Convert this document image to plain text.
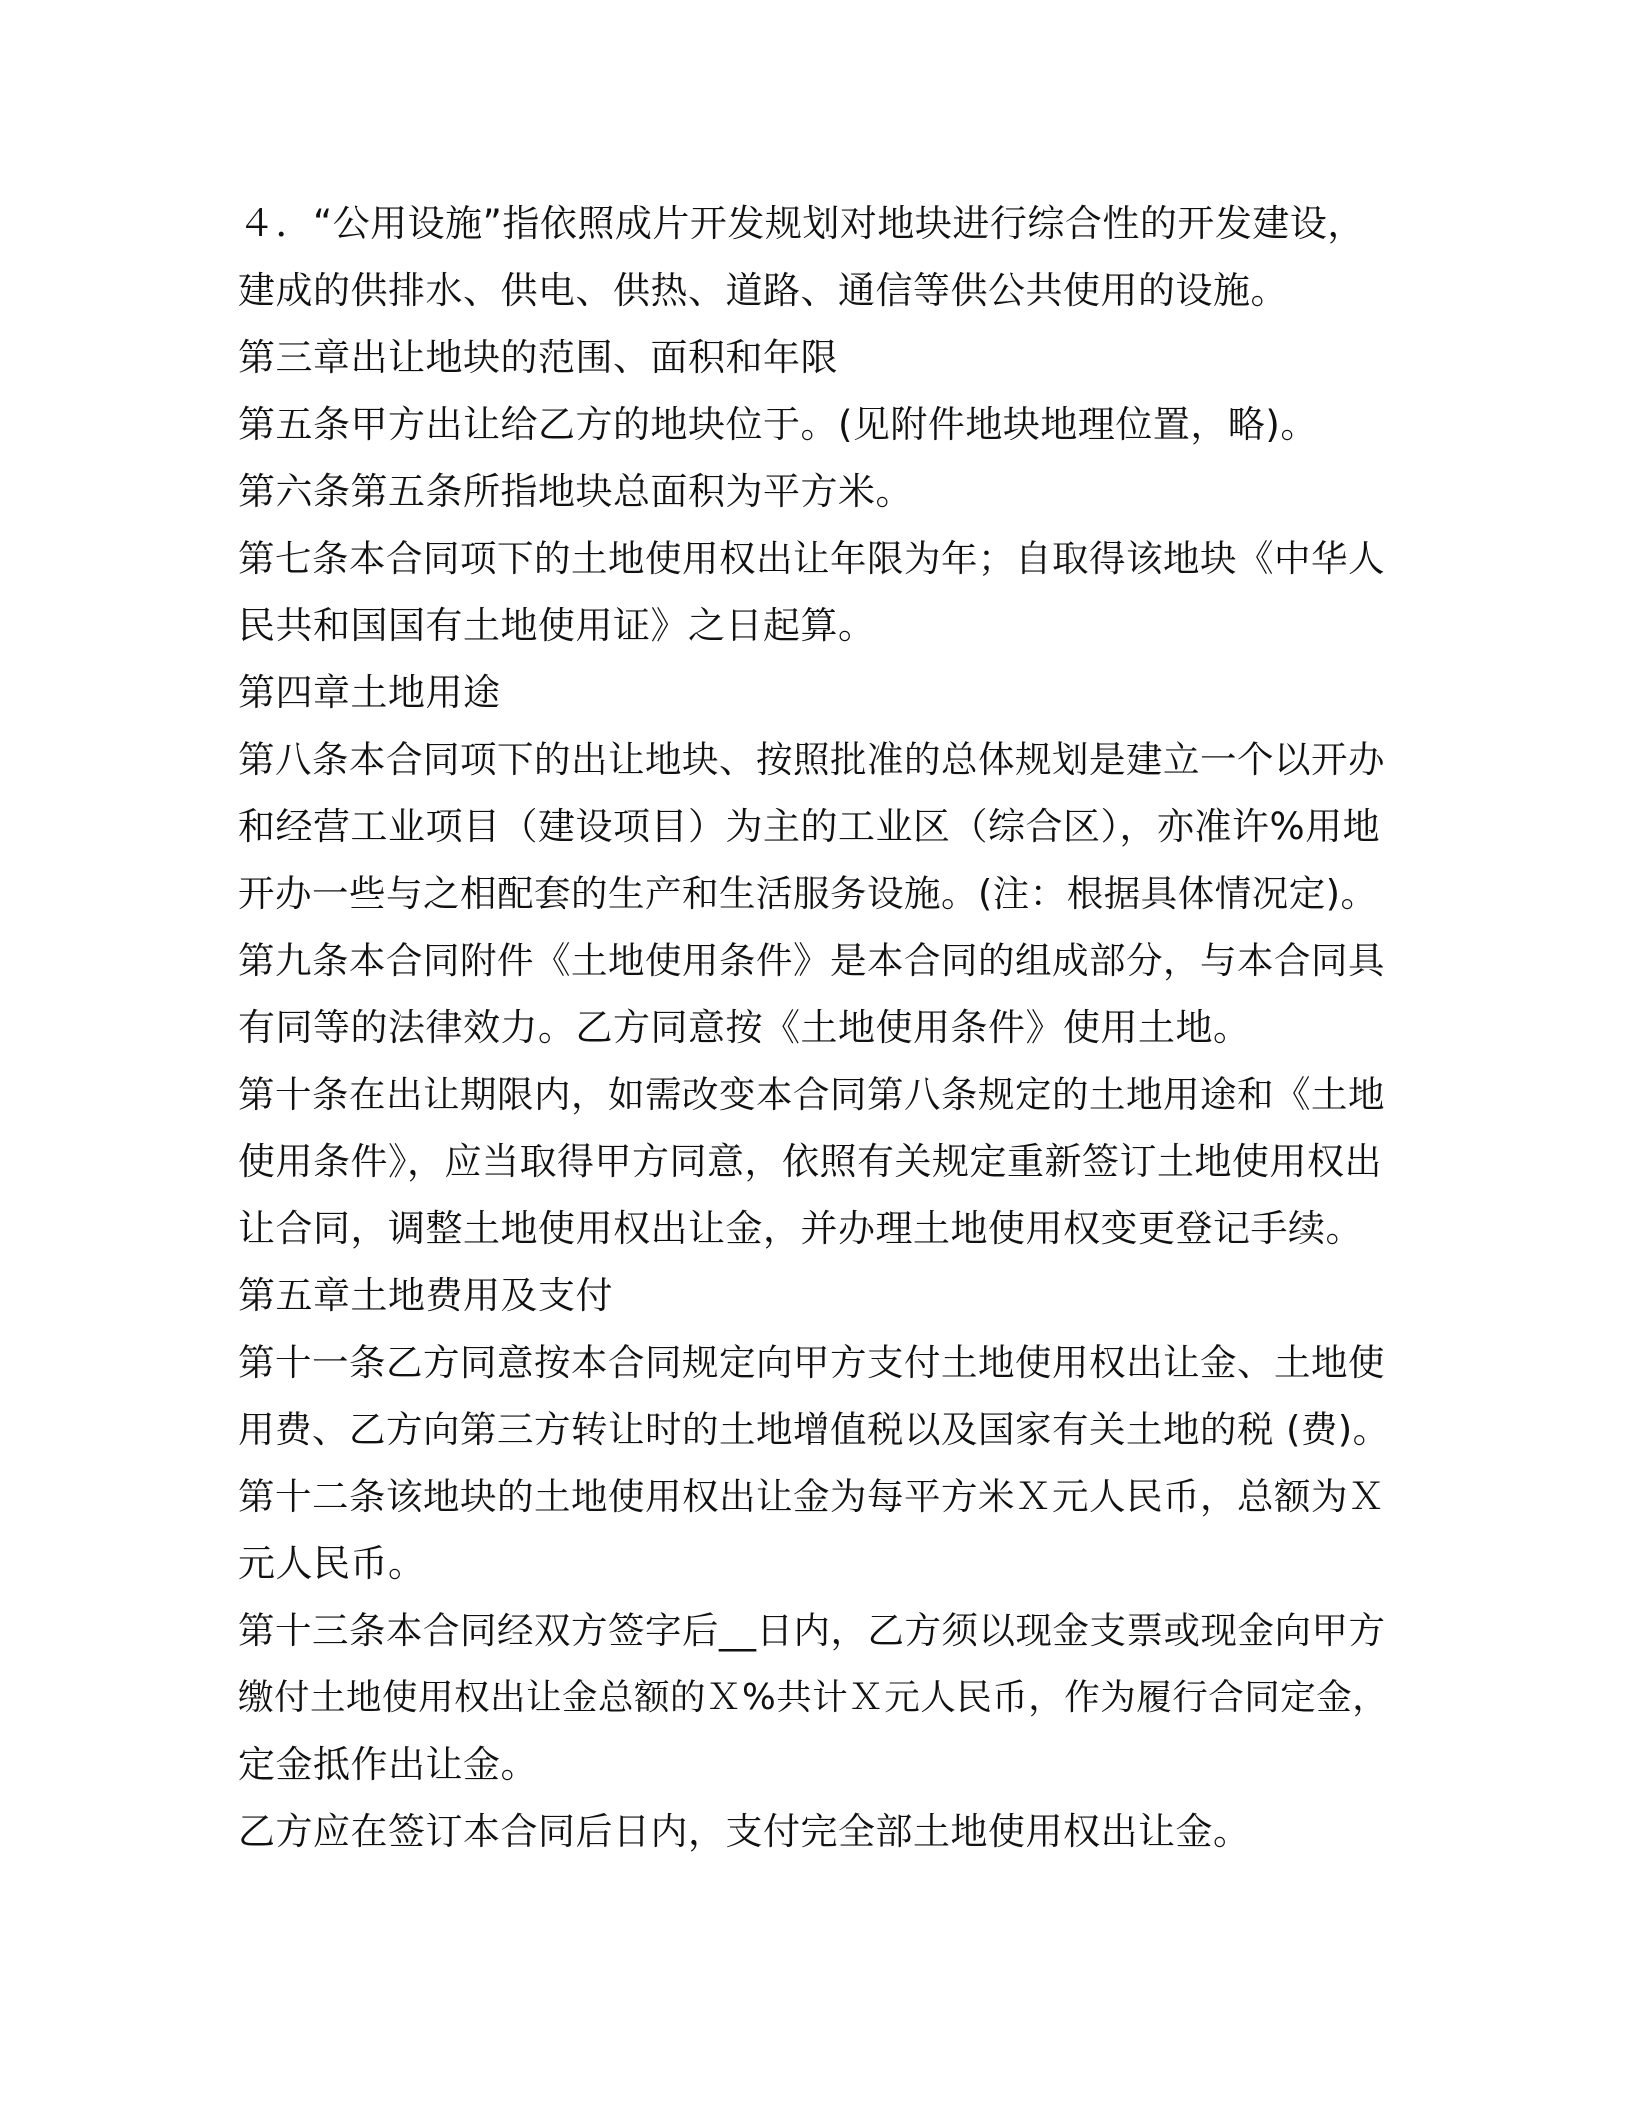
４．“公用设施”指依照成片开发规划对地块进行综合性的开发建设，

建成的供排水、供电、供热、道路、通信等供公共使用的设施。

第三章出让地块的范围、面积和年限

第五条甲方出让给乙方的地块位于。(见附件地块地理位置，略)。

第六条第五条所指地块总面积为平方米。

第七条本合同项下的土地使用权出让年限为年；自取得该地块《中华人

民共和国国有土地使用证》之日起算。

第四章土地用途

第八条本合同项下的出让地块、按照批准的总体规划是建立一个以开办

和经营工业项目（建设项目）为主的工业区（综合区），亦准许%用地

开办一些与之相配套的生产和生活服务设施。(注：根据具体情况定)。

第九条本合同附件《土地使用条件》是本合同的组成部分，与本合同具

有同等的法律效力。乙方同意按《土地使用条件》使用土地。

第十条在出让期限内，如需改变本合同第八条规定的土地用途和《土地

使用条件》，应当取得甲方同意，依照有关规定重新签订土地使用权出

让合同，调整土地使用权出让金，并办理土地使用权变更登记手续。

第五章土地费用及支付

第十一条乙方同意按本合同规定向甲方支付土地使用权出让金、土地使

用费、乙方向第三方转让时的土地增值税以及国家有关土地的税 (费)。

第十二条该地块的土地使用权出让金为每平方米Ｘ元人民币，总额为Ｘ

元人民币。

第十三条本合同经双方签字后__日内，乙方须以现金支票或现金向甲方

缴付土地使用权出让金总额的Ｘ%共计Ｘ元人民币，作为履行合同定金，

定金抵作出让金。

乙方应在签订本合同后日内，支付完全部土地使用权出让金。
